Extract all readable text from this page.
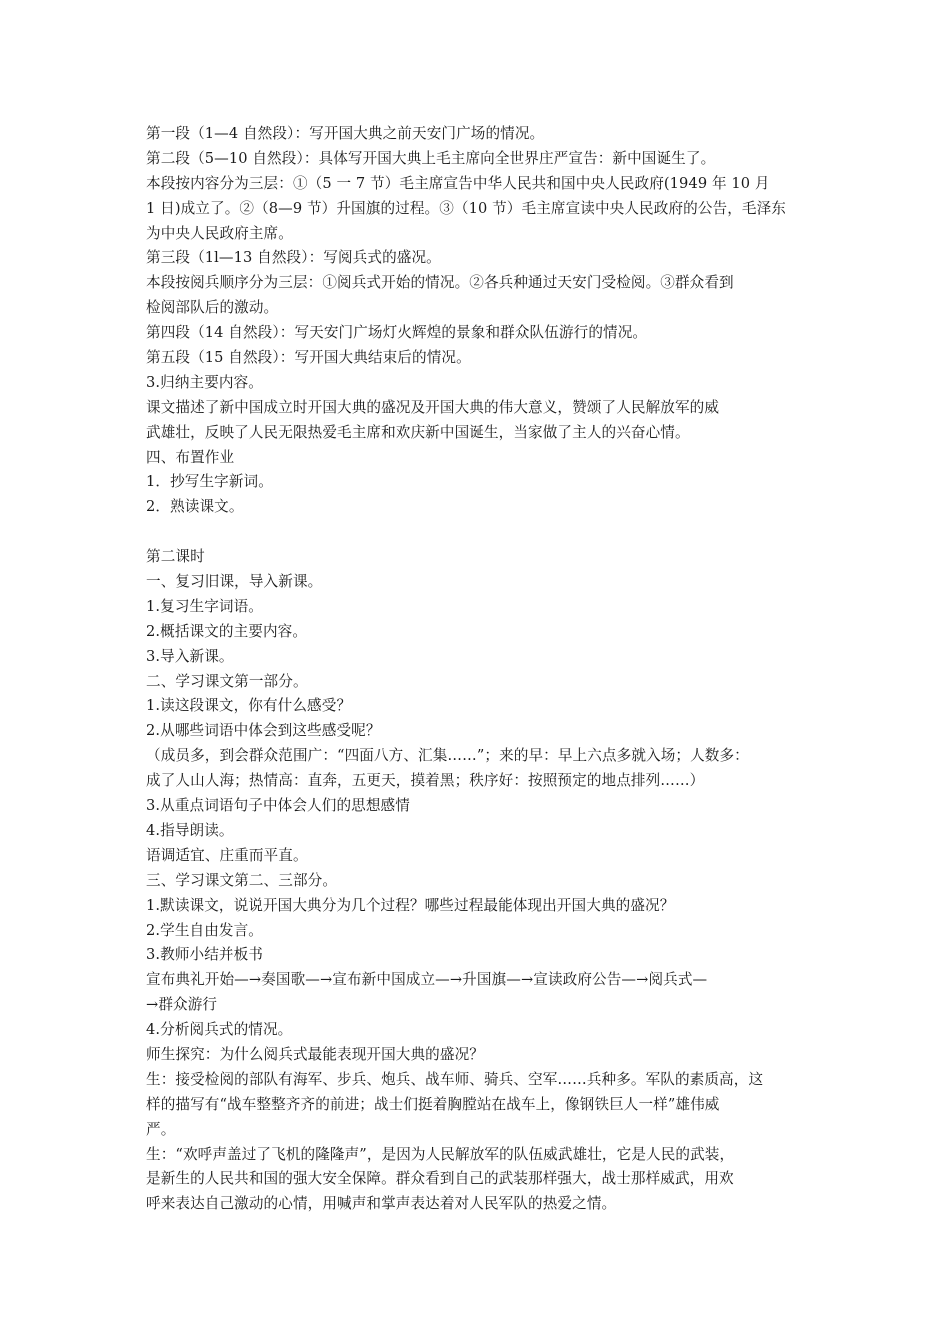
第一段（1—4 自然段）：写开国大典之前天安门广场的情况。
第二段（5—10 自然段）：具体写开国大典上毛主席向全世界庄严宣告：新中国诞生了。
本段按内容分为三层：①（5 一 7 节）毛主席宣告中华人民共和国中央人民政府(1949 年 10 月
1 日)成立了。②（8—9 节）升国旗的过程。③（10 节）毛主席宣读中央人民政府的公告，毛泽东
为中央人民政府主席。
第三段（1l—13 自然段）：写阅兵式的盛况。
本段按阅兵顺序分为三层：①阅兵式开始的情况。②各兵种通过天安门受检阅。③群众看到
检阅部队后的激动。
第四段（14 自然段）：写天安门广场灯火辉煌的景象和群众队伍游行的情况。
第五段（15 自然段）：写开国大典结束后的情况。
3.归纳主要内容。
课文描述了新中国成立时开国大典的盛况及开国大典的伟大意义，赞颂了人民解放军的威
武雄壮，反映了人民无限热爱毛主席和欢庆新中国诞生，当家做了主人的兴奋心情。
四、布置作业
1．抄写生字新词。
2．熟读课文。
第二课时
一、复习旧课，导入新课。
1.复习生字词语。
2.概括课文的主要内容。
3.导入新课。
二、学习课文第一部分。
1.读这段课文，你有什么感受？
2.从哪些词语中体会到这些感受呢？
（成员多，到会群众范围广：“四面八方、汇集……”；来的早：早上六点多就入场；人数多：
成了人山人海；热情高：直奔，五更天，摸着黑；秩序好：按照预定的地点排列……）
3.从重点词语句子中体会人们的思想感情
4.指导朗读。
语调适宜、庄重而平直。
三、学习课文第二、三部分。
1.默读课文，说说开国大典分为几个过程？哪些过程最能体现出开国大典的盛况？
2.学生自由发言。
3.教师小结并板书
宣布典礼开始—→奏国歌—→宣布新中国成立—→升国旗—→宣读政府公告—→阅兵式—
→群众游行
4.分析阅兵式的情况。
师生探究：为什么阅兵式最能表现开国大典的盛况？
生：接受检阅的部队有海军、步兵、炮兵、战车师、骑兵、空军……兵种多。军队的素质高，这
样的描写有“战车整整齐齐的前进；战士们挺着胸膛站在战车上，像钢铁巨人一样”雄伟威
严。
生：“欢呼声盖过了飞机的隆隆声”，是因为人民解放军的队伍威武雄壮，它是人民的武装，
是新生的人民共和国的强大安全保障。群众看到自己的武装那样强大，战士那样威武，用欢
呼来表达自己激动的心情，用喊声和掌声表达着对人民军队的热爱之情。
